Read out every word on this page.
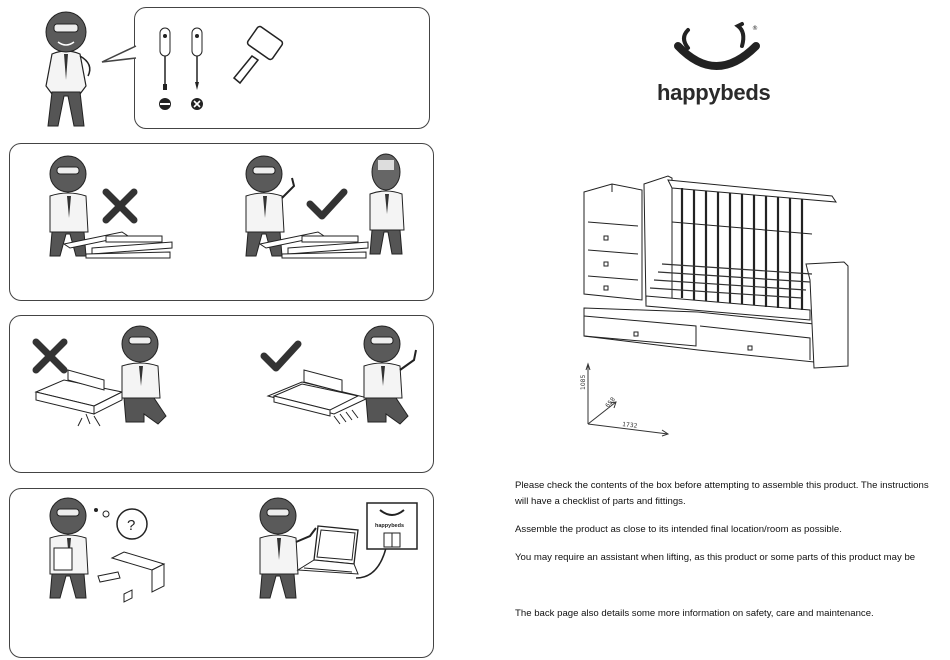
?	happybeds
®
happybeds
1085
658
1732
Please check the contents of the box before attempting to assemble this product. The instructions will have a checklist of parts and fittings.
Assemble the product as close to its intended final location/room as possible.
You may require an assistant when lifting, as this product or some parts of this product may be
The back page also details some more information on safety, care and maintenance.
